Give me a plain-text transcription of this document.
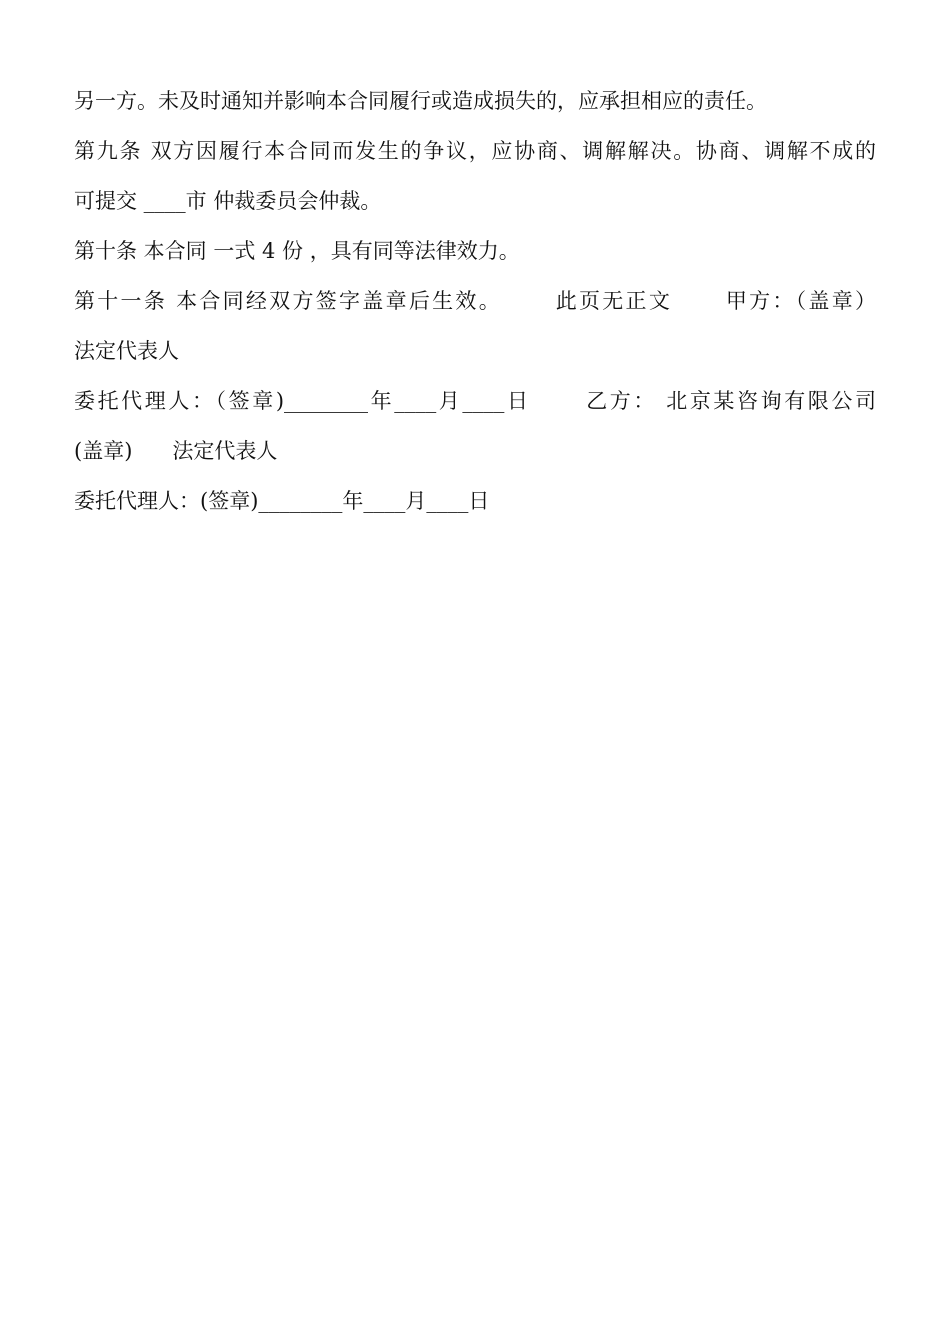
另一方。未及时通知并影响本合同履行或造成损失的，应承担相应的责任。
第九条 双方因履行本合同而发生的争议，应协商、调解解决。协商、调解不成的
可提交 ____市 仲裁委员会仲裁。
第十条 本合同 一式 4 份 ，具有同等法律效力。
第十一条 本合同经双方签字盖章后生效。      此页无正文      甲方：（盖章）
法定代表人
委托代理人：（签章)________年____月____日      乙方： 北京某咨询有限公司
(盖章)      法定代表人
委托代理人：(签章)________年____月____日
